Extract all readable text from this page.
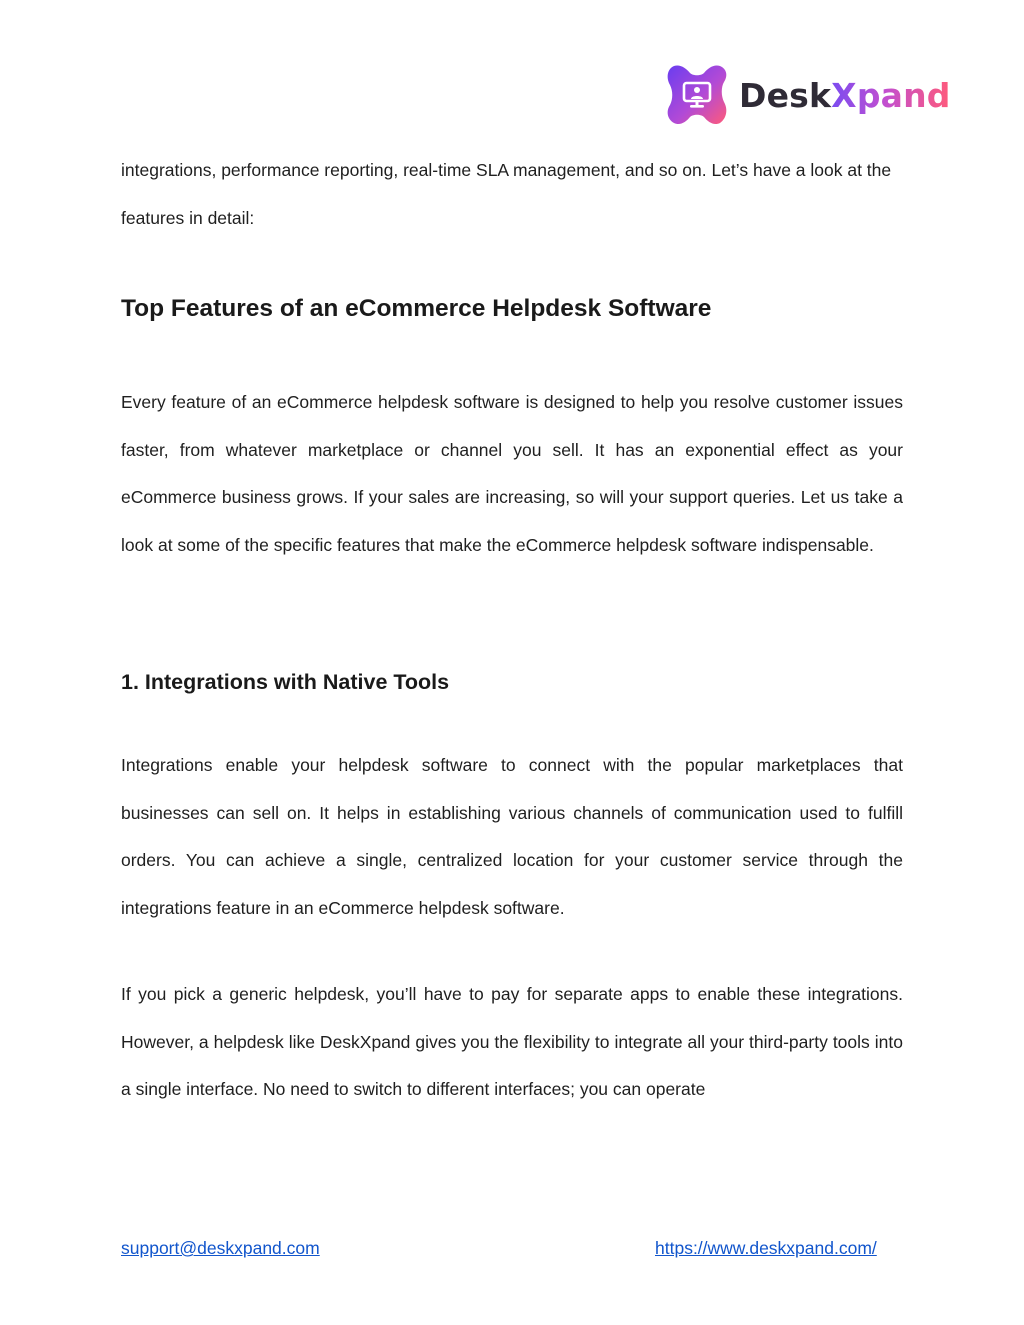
DeskXpand

integrations, performance reporting, real-time SLA management, and so on. Let’s have a look at the features in detail:

Top Features of an eCommerce Helpdesk Software

Every feature of an eCommerce helpdesk software is designed to help you resolve customer issues faster, from whatever marketplace or channel you sell. It has an exponential effect as your eCommerce business grows. If your sales are increasing, so will your support queries. Let us take a look at some of the specific features that make the eCommerce helpdesk software indispensable.

1. Integrations with Native Tools

Integrations enable your helpdesk software to connect with the popular marketplaces that businesses can sell on. It helps in establishing various channels of communication used to fulfill orders. You can achieve a single, centralized location for your customer service through the integrations feature in an eCommerce helpdesk software.

If you pick a generic helpdesk, you’ll have to pay for separate apps to enable these integrations. However, a helpdesk like DeskXpand gives you the flexibility to integrate all your third-party tools into a single interface. No need to switch to different interfaces; you can operate

support@deskxpand.com	https://www.deskxpand.com/
